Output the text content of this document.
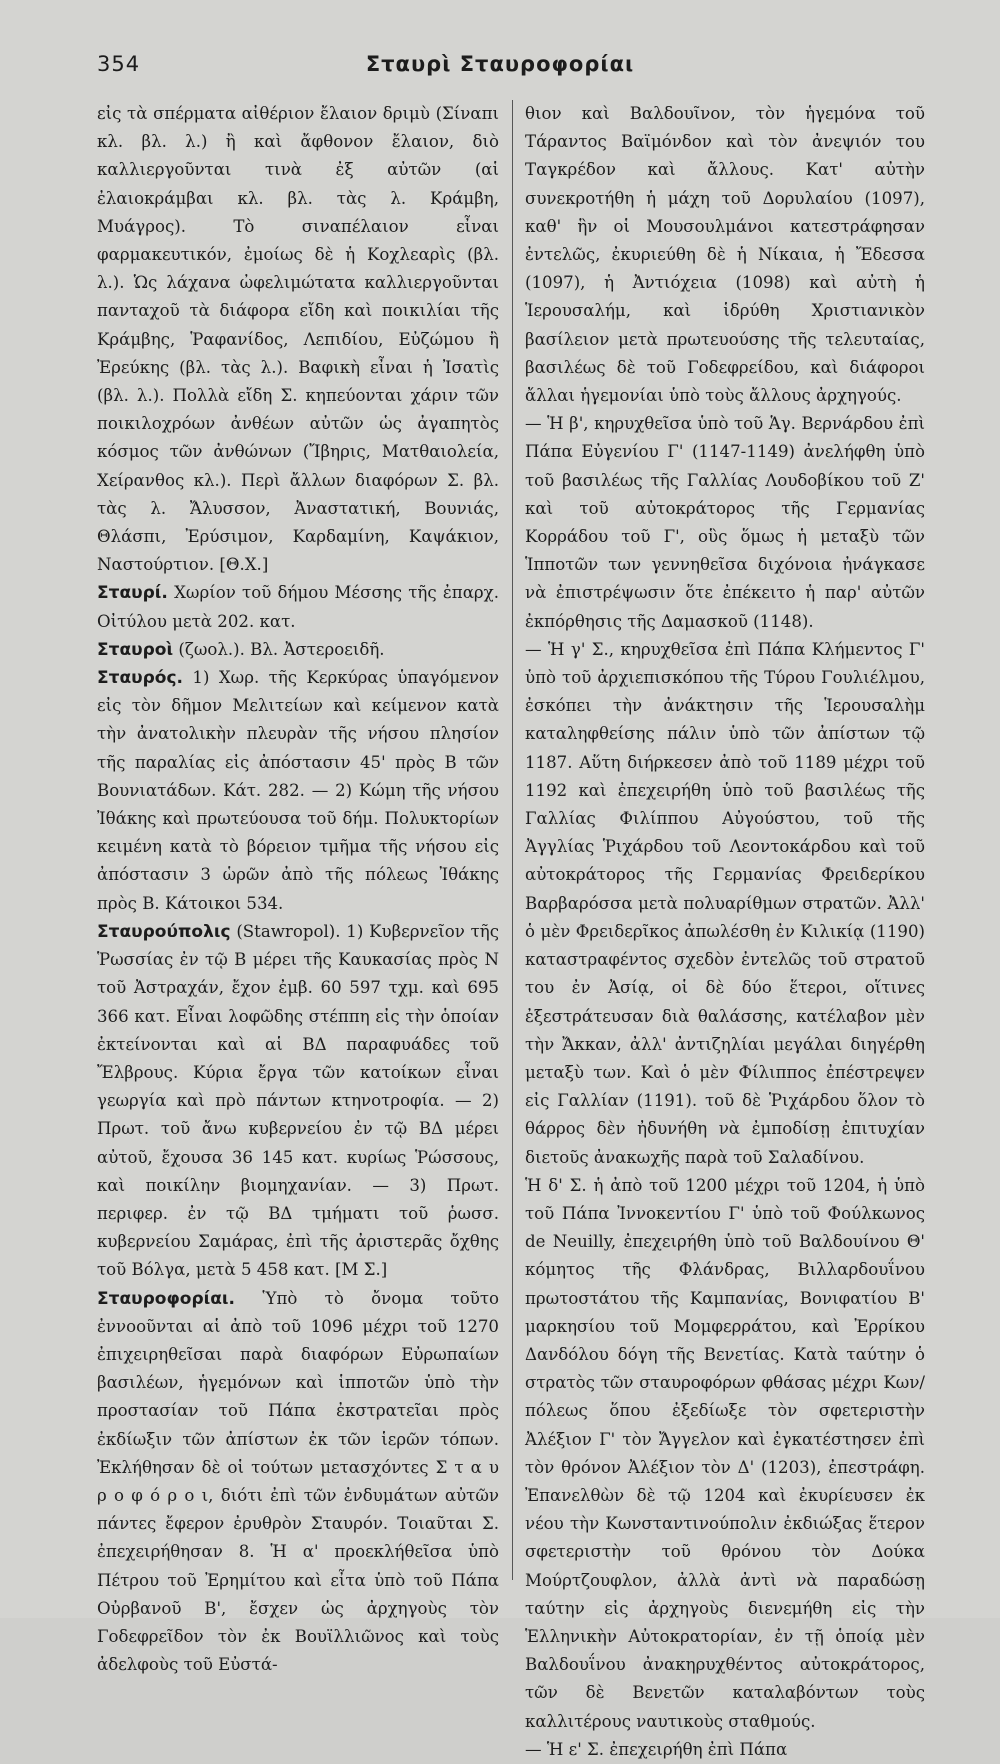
354	Σταυρὶ Σταυροφορίαι

εἰς τὰ σπέρματα αἰθέριον ἔλαιον δριμὺ (Σίναπι κλ. βλ. λ.) ἢ καὶ ἄφθονον ἔλαιον, διὸ καλλιεργοῦνται τινὰ ἐξ αὐτῶν (αἱ ἐλαιοκράμβαι κλ. βλ. τὰς λ. Κράμβη, Μυάγρος). Τὸ σιναπέλαιον εἶναι φαρμακευτικόν, ἐμοίως δὲ ἡ Κοχλεαρὶς (βλ. λ.). Ὡς λάχανα ὠφελιμώτατα καλλιεργοῦνται πανταχοῦ τὰ διάφορα εἴδη καὶ ποικιλίαι τῆς Κράμβης, Ῥαφανίδος, Λεπιδίου, Εὐζώμου ἢ Ἐρεύκης (βλ. τὰς λ.). Βαφικὴ εἶναι ἡ Ἰσατὶς (βλ. λ.). Πολλὰ εἴδη Σ. κηπεύονται χάριν τῶν ποικιλοχρόων ἀνθέων αὐτῶν ὡς ἀγαπητὸς κόσμος τῶν ἀνθώνων (Ἴβηρις, Ματθαιολεία, Χείρανθος κλ.). Περὶ ἄλλων διαφόρων Σ. βλ. τὰς λ. Ἄλυσσον, Ἀναστατική, Βουνιάς, Θλάσπι, Ἐρύσιμον, Καρδαμίνη, Καψάκιον, Ναστούρτιον. [Θ.Χ.]

Σταυρί. Χωρίον τοῦ δήμου Μέσσης τῆς ἐπαρχ. Οἰτύλου μετὰ 202. κατ.

Σταυροὶ (ζωολ.). Βλ. Ἀστεροειδῆ.

Σταυρός. 1) Χωρ. τῆς Κερκύρας ὑπαγόμενον εἰς τὸν δῆμον Μελιτείων καὶ κείμενον κατὰ τὴν ἀνατολικὴν πλευρὰν τῆς νήσου πλησίον τῆς παραλίας εἰς ἀπόστασιν 45' πρὸς Β τῶν Βουνιατάδων. Κάτ. 282. — 2) Κώμη τῆς νήσου Ἰθάκης καὶ πρωτεύουσα τοῦ δήμ. Πολυκτορίων κειμένη κατὰ τὸ βόρειον τμῆμα τῆς νήσου εἰς ἀπόστασιν 3 ὡρῶν ἀπὸ τῆς πόλεως Ἰθάκης πρὸς Β. Κάτοικοι 534.

Σταυρούπολις (Stawropol). 1) Κυβερνεῖον τῆς Ῥωσσίας ἐν τῷ Β μέρει τῆς Καυκασίας πρὸς Ν τοῦ Ἀστραχάν, ἔχον ἐμβ. 60 597 τχμ. καὶ 695 366 κατ. Εἶναι λοφῶδης στέππη εἰς τὴν ὁποίαν ἐκτείνονται καὶ αἱ ΒΔ παραφυάδες τοῦ Ἔλβρους. Κύρια ἔργα τῶν κατοίκων εἶναι γεωργία καὶ πρὸ πάντων κτηνοτροφία. — 2) Πρωτ. τοῦ ἄνω κυβερνείου ἐν τῷ ΒΔ μέρει αὐτοῦ, ἔχουσα 36 145 κατ. κυρίως Ῥώσσους, καὶ ποικίλην βιομηχανίαν. — 3) Πρωτ. περιφερ. ἐν τῷ ΒΔ τμήματι τοῦ ῥωσσ. κυβερνείου Σαμάρας, ἐπὶ τῆς ἀριστερᾶς ὄχθης τοῦ Βόλγα, μετὰ 5 458 κατ. [Μ Σ.]

Σταυροφορίαι. Ὑπὸ τὸ ὄνομα τοῦτο ἐννοοῦνται αἱ ἀπὸ τοῦ 1096 μέχρι τοῦ 1270 ἐπιχειρηθεῖσαι παρὰ διαφόρων Εὐρωπαίων βασιλέων, ἡγεμόνων καὶ ἱπποτῶν ὑπὸ τὴν προστασίαν τοῦ Πάπα ἐκστρατεῖαι πρὸς ἐκδίωξιν τῶν ἀπίστων ἐκ τῶν ἱερῶν τόπων. Ἐκλήθησαν δὲ οἱ τούτων μετασχόντες Σ τ α υ ρ ο φ ό ρ ο ι, διότι ἐπὶ τῶν ἐνδυμάτων αὐτῶν πάντες ἔφερον ἐρυθρὸν Σταυρόν. Τοιαῦται Σ. ἐπεχειρήθησαν 8. Ἡ α' προεκλήθεῖσα ὑπὸ Πέτρου τοῦ Ἐρημίτου καὶ εἶτα ὑπὸ τοῦ Πάπα Οὐρβανοῦ Β', ἔσχεν ὡς ἀρχηγοὺς τὸν Γοδεφρεῖδον τὸν ἐκ Βουϊλλιῶνος καὶ τοὺς ἀδελφοὺς τοῦ Εὐστά-

θιον καὶ Βαλδουῖνον, τὸν ἡγεμόνα τοῦ Τάραντος Βαϊμόνδον καὶ τὸν ἀνεψιόν του Ταγκρέδον καὶ ἄλλους. Κατ' αὐτὴν συνεκροτήθη ἡ μάχη τοῦ Δορυλαίου (1097), καθ' ἣν οἱ Μουσουλμάνοι κατεστράφησαν ἐντελῶς, ἐκυριεύθη δὲ ἡ Νίκαια, ἡ Ἔδεσσα (1097), ἡ Ἀντιόχεια (1098) καὶ αὐτὴ ἡ Ἱερουσαλήμ, καὶ ἱδρύθη Χριστιανικὸν βασίλειον μετὰ πρωτευούσης τῆς τελευταίας, βασιλέως δὲ τοῦ Γοδεφρείδου, καὶ διάφοροι ἄλλαι ἡγεμονίαι ὑπὸ τοὺς ἄλλους ἀρχηγούς.

— Ἡ β', κηρυχθεῖσα ὑπὸ τοῦ Ἁγ. Βερνάρδου ἐπὶ Πάπα Εὐγενίου Γ' (1147-1149) ἀνελήφθη ὑπὸ τοῦ βασιλέως τῆς Γαλλίας Λουδοβίκου τοῦ Ζ' καὶ τοῦ αὐτοκράτορος τῆς Γερμανίας Κορράδου τοῦ Γ', οὓς ὅμως ἡ μεταξὺ τῶν Ἱπποτῶν των γεννηθεῖσα διχόνοια ἠνάγκασε νὰ ἐπιστρέψωσιν ὅτε ἐπέκειτο ἡ παρ' αὐτῶν ἐκπόρθησις τῆς Δαμασκοῦ (1148).

— Ἡ γ' Σ., κηρυχθεῖσα ἐπὶ Πάπα Κλήμεντος Γ' ὑπὸ τοῦ ἀρχιεπισκόπου τῆς Τύρου Γουλιέλμου, ἐσκόπει τὴν ἀνάκτησιν τῆς Ἱερουσαλὴμ καταληφθείσης πάλιν ὑπὸ τῶν ἀπίστων τῷ 1187. Αὕτη διήρκεσεν ἀπὸ τοῦ 1189 μέχρι τοῦ 1192 καὶ ἐπεχειρήθη ὑπὸ τοῦ βασιλέως τῆς Γαλλίας Φιλίππου Αὐγούστου, τοῦ τῆς Ἀγγλίας Ῥιχάρδου τοῦ Λεοντοκάρδου καὶ τοῦ αὐτοκράτορος τῆς Γερμανίας Φρειδερίκου Βαρβαρόσσα μετὰ πολυαρίθμων στρατῶν. Ἀλλ' ὁ μὲν Φρειδερῖκος ἀπωλέσθη ἐν Κιλικίᾳ (1190) καταστραφέντος σχεδὸν ἐντελῶς τοῦ στρατοῦ του ἐν Ἀσίᾳ, οἱ δὲ δύο ἕτεροι, οἵτινες ἐξεστράτευσαν διὰ θαλάσσης, κατέλαβον μὲν τὴν Ἄκκαν, ἀλλ' ἀντιζηλίαι μεγάλαι διηγέρθη μεταξὺ των. Καὶ ὁ μὲν Φίλιππος ἐπέστρεψεν εἰς Γαλλίαν (1191). τοῦ δὲ Ῥιχάρδου ὅλον τὸ θάρρος δὲν ἠδυνήθη νὰ ἐμποδίσῃ ἐπιτυχίαν διετοῦς ἀνακωχῆς παρὰ τοῦ Σαλαδίνου.

Ἡ δ' Σ. ἡ ἀπὸ τοῦ 1200 μέχρι τοῦ 1204, ἡ ὑπὸ τοῦ Πάπα Ἰννοκεντίου Γ' ὑπὸ τοῦ Φούλκωνος de Neuilly, ἐπεχειρήθη ὑπὸ τοῦ Βαλδουίνου Θ' κόμητος τῆς Φλάνδρας, Βιλλαρδουΐνου πρωτοστάτου τῆς Καμπανίας, Βονιφατίου Β' μαρκησίου τοῦ Μομφερράτου, καὶ Ἐρρίκου Δανδόλου δόγη τῆς Βενετίας. Κατὰ ταύτην ὁ στρατὸς τῶν σταυροφόρων φθάσας μέχρι Κων/πόλεως ὅπου ἐξεδίωξε τὸν σφετεριστὴν Ἀλέξιον Γ' τὸν Ἄγγελον καὶ ἐγκατέστησεν ἐπὶ τὸν θρόνον Ἀλέξιον τὸν Δ' (1203), ἐπεστράφη. Ἐπανελθὼν δὲ τῷ 1204 καὶ ἐκυρίευσεν ἐκ νέου τὴν Κωνσταντινούπολιν ἐκδιώξας ἕτερον σφετεριστὴν τοῦ θρόνου τὸν Δούκα Μούρτζουφλον, ἀλλὰ ἀντὶ νὰ παραδώσῃ ταύτην εἰς ἀρχηγοὺς διενεμήθη εἰς τὴν Ἑλληνικὴν Αὐτοκρατορίαν, ἐν τῇ ὁποίᾳ μὲν Βαλδουΐνου ἀνακηρυχθέντος αὐτοκράτορος, τῶν δὲ Βενετῶν καταλαβόντων τοὺς καλλιτέρους ναυτικοὺς σταθμούς.

— Ἡ ε' Σ. ἐπεχειρήθη ἐπὶ Πάπα
